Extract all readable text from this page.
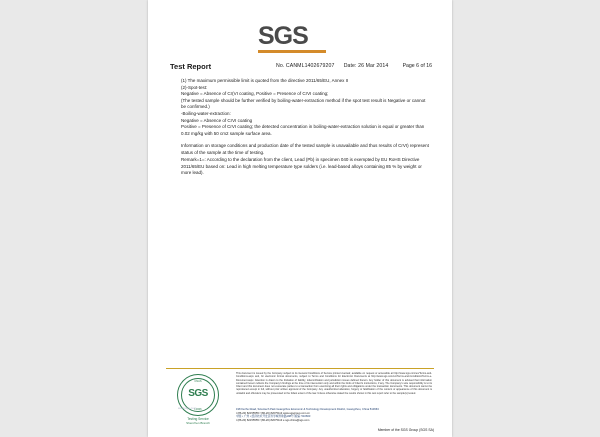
SGS
Test Report	No. CANML1402679207 Date: 26 Mar 2014	Page 6 of 16

(1) The maximum permissible limit is quoted from the directive 2011/65/EU, Annex II

(2)-Spot-test:

Negative = Absence of Cr(VI coating, Positive = Presence of CrVI coating;

(The tested sample should be further verified by boiling-water-extraction method if the spot test result is Negative or cannot be confirmed.)

-Boiling-water-extraction:

Negative = Absence of CrVI coating

Positive = Presence of CrVI coating; the detected concentration in boiling-water-extraction solution is equal or greater than 0.02 mg/kg with 50 cm2 sample surface area.

Information on storage conditions and production date of the tested sample is unavailable and thus results of CrVI) represent status of the sample at the time of testing.

Remark=1=: According to the declaration from the client, Lead (Pb) in specimen 040 is exempted by EU RoHS Directive 2011/65/EU based on: Lead in high melting temperature type solders (i.e. lead-based alloys containing 85 % by weight or more lead).

CNAS
SGS
L0306
Testing Service
Shenzhen Branch

This document is issued by the Company subject to its General Conditions of Service printed overleaf, available on request or accessible at http://www.sgs.com/en/Terms-and-Conditions.aspx and, for electronic format documents, subject to Terms and Conditions for Electronic Documents at http://www.sgs.com/en/Terms-and-Conditions/Terms-e-Document.aspx. Attention is drawn to the limitation of liability, indemnification and jurisdiction issues defined therein. Any holder of this document is advised that information contained hereon reflects the Company's findings at the time of its intervention only and within the limits of Client's instructions, if any. The Company's sole responsibility is to its Client and this document does not exonerate parties to a transaction from exercising all their rights and obligations under the transaction documents. This document cannot be reproduced except in full, without prior written approval of the Company. Any unauthorized alteration, forgery or falsification of the content or appearance of this document is unlawful and offenders may be prosecuted to the fullest extent of the law. Unless otherwise stated the results shown in this test report refer to the sample(s) tested.

198 Kezhu Road, Scientech Park Guangzhou Economic & Technology Development District, Guangzhou, China 510663
t (86-20) 82155555 f (86-20) 82075113 www.sgsgroup.com.cn
中国 • 广州 • 经济技术开发区科学城科珠路198号 邮编: 510663
t (86-20) 82155555 f (86-20) 82075113 e sgs.china@sgs.com
Member of the SGS Group (SGS SA)
www.sgs.com
